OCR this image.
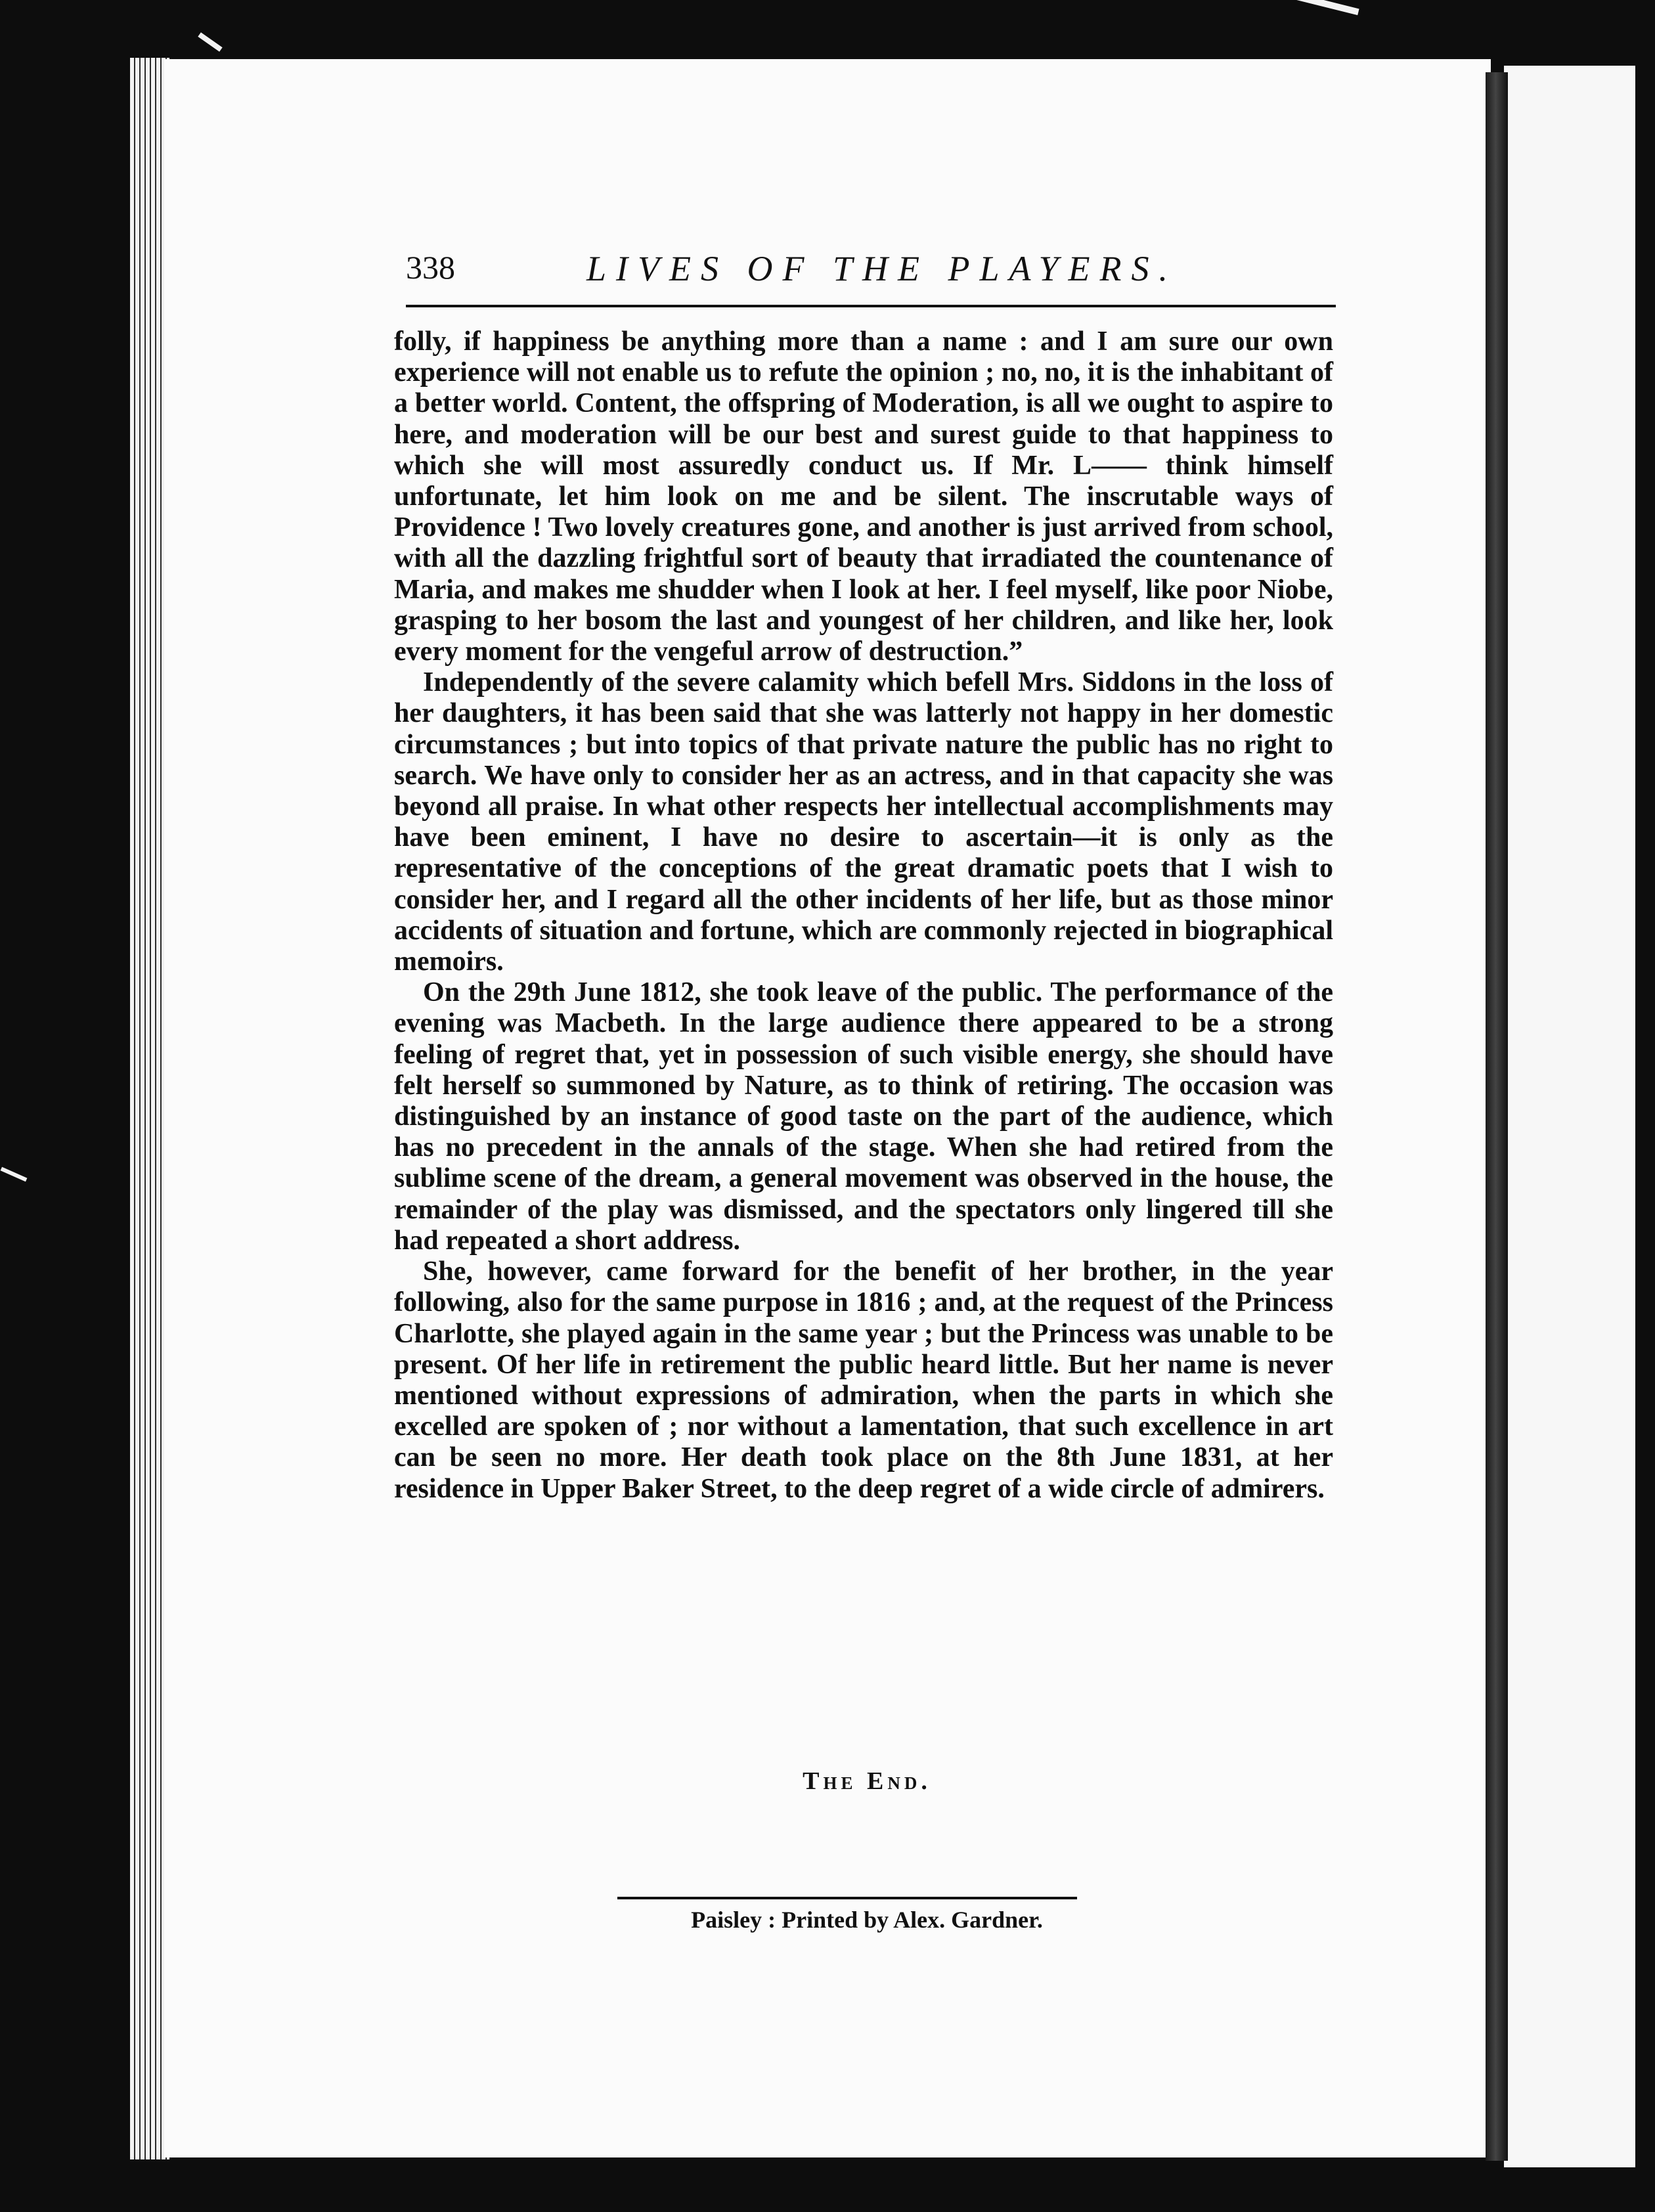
338	LIVES OF THE PLAYERS.

folly, if happiness be anything more than a name : and I am sure our own experience will not enable us to refute the opinion ; no, no, it is the inhabitant of a better world. Content, the offspring of Moderation, is all we ought to aspire to here, and moderation will be our best and surest guide to that happiness to which she will most assuredly conduct us. If Mr. L—— think himself unfortunate, let him look on me and be silent. The inscrutable ways of Providence ! Two lovely creatures gone, and another is just arrived from school, with all the dazzling frightful sort of beauty that irradiated the countenance of Maria, and makes me shudder when I look at her. I feel myself, like poor Niobe, grasping to her bosom the last and youngest of her children, and like her, look every moment for the vengeful arrow of destruction.”

Independently of the severe calamity which befell Mrs. Siddons in the loss of her daughters, it has been said that she was latterly not happy in her domestic circumstances ; but into topics of that private nature the public has no right to search. We have only to consider her as an actress, and in that capacity she was beyond all praise. In what other respects her intellectual accomplishments may have been eminent, I have no desire to ascertain—it is only as the representative of the conceptions of the great dramatic poets that I wish to consider her, and I regard all the other incidents of her life, but as those minor accidents of situation and fortune, which are commonly rejected in biographical memoirs.

On the 29th June 1812, she took leave of the public. The performance of the evening was Macbeth. In the large audience there appeared to be a strong feeling of regret that, yet in possession of such visible energy, she should have felt herself so summoned by Nature, as to think of retiring. The occasion was distinguished by an instance of good taste on the part of the audience, which has no precedent in the annals of the stage. When she had retired from the sublime scene of the dream, a general movement was observed in the house, the remainder of the play was dismissed, and the spectators only lingered till she had repeated a short address.

She, however, came forward for the benefit of her brother, in the year following, also for the same purpose in 1816 ; and, at the request of the Princess Charlotte, she played again in the same year ; but the Princess was unable to be present. Of her life in retirement the public heard little. But her name is never mentioned without expressions of admiration, when the parts in which she excelled are spoken of ; nor without a lamentation, that such excellence in art can be seen no more. Her death took place on the 8th June 1831, at her residence in Upper Baker Street, to the deep regret of a wide circle of admirers.

The End.
Paisley : Printed by Alex. Gardner.
